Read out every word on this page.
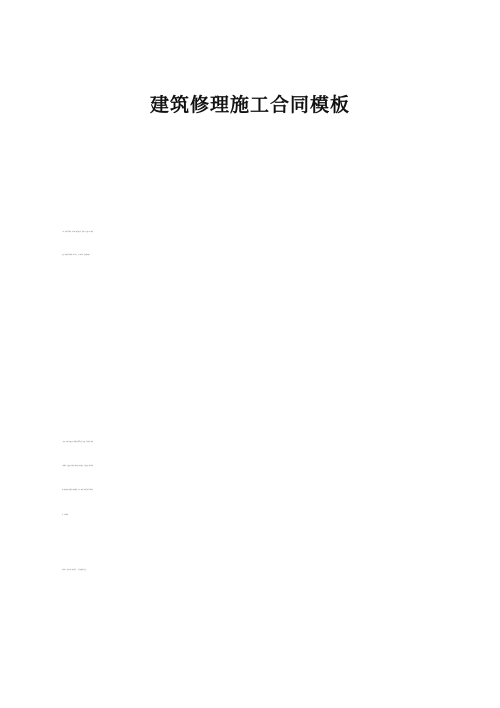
建筑修理施工合同模板
互利、真诚合作原则，结合本工程具体状况，依据《民法典》和《建筑
安装工程承包合同条例》有关规定，签订本合同，具体条款如下：
工包料。因制定变更或甲方依据必须要要求进行变更，合同价款可作相
应的调整，变更按实际增减工程量双方协商解决，并按发包人提供的增
减工程量预算为依据进行价款调整。但在工程完工验收合格后办理结算
时一次性调整。
总款的%。预留%的工程质保金。一年质保期满后支付。
